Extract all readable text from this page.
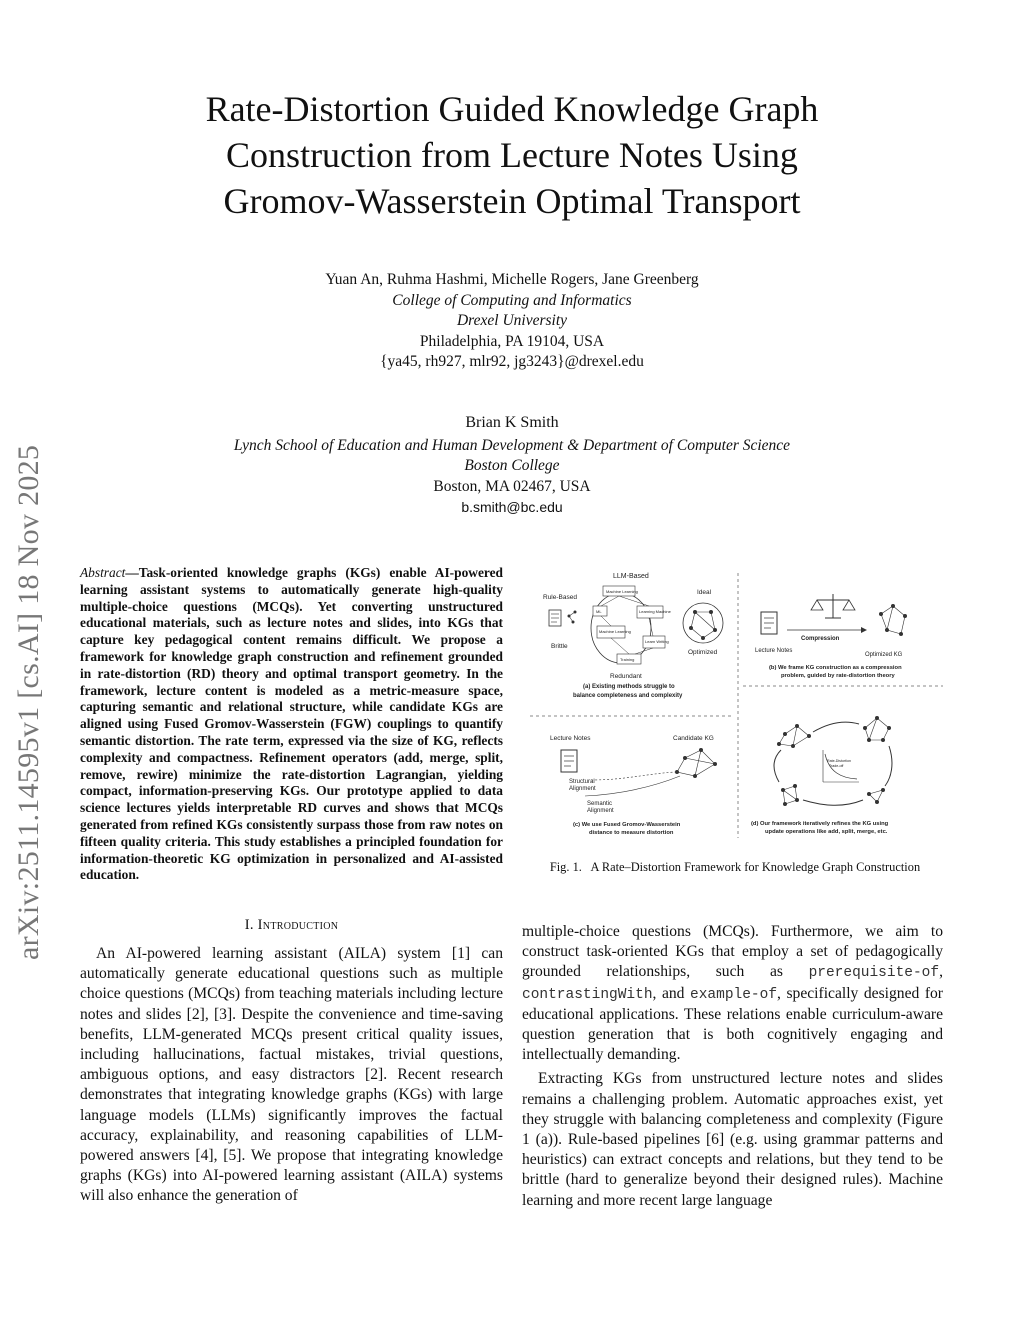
arXiv:2511.14595v1 [cs.AI] 18 Nov 2025
Rate-Distortion Guided Knowledge Graph
Construction from Lecture Notes Using
Gromov-Wasserstein Optimal Transport
Yuan An, Ruhma Hashmi, Michelle Rogers, Jane Greenberg
College of Computing and Informatics
Drexel University
Philadelphia, PA 19104, USA
{ya45, rh927, mlr92, jg3243}@drexel.edu
Brian K Smith
Lynch School of Education and Human Development & Department of Computer Science
Boston College
Boston, MA 02467, USA
b.smith@bc.edu
Abstract—Task-oriented knowledge graphs (KGs) enable AI-powered learning assistant systems to automatically generate high-quality multiple-choice questions (MCQs). Yet converting unstructured educational materials, such as lecture notes and slides, into KGs that capture key pedagogical content remains difficult. We propose a framework for knowledge graph construction and refinement grounded in rate-distortion (RD) theory and optimal transport geometry. In the framework, lecture content is modeled as a metric-measure space, capturing semantic and relational structure, while candidate KGs are aligned using Fused Gromov-Wasserstein (FGW) couplings to quantify semantic distortion. The rate term, expressed via the size of KG, reflects complexity and compactness. Refinement operators (add, merge, split, remove, rewire) minimize the rate-distortion Lagrangian, yielding compact, information-preserving KGs. Our prototype applied to data science lectures yields interpretable RD curves and shows that MCQs generated from refined KGs consistently surpass those from raw notes on fifteen quality criteria. This study establishes a principled foundation for information-theoretic KG optimization in personalized and AI-assisted education.
I. Introduction

An AI-powered learning assistant (AILA) system [1] can automatically generate educational questions such as multiple choice questions (MCQs) from teaching materials including lecture notes and slides [2], [3]. Despite the convenience and time-saving benefits, LLM-generated MCQs present critical quality issues, including hallucinations, factual mistakes, trivial questions, ambiguous options, and easy distractors [2]. Recent research demonstrates that integrating knowledge graphs (KGs) with large language models (LLMs) significantly improves the factual accuracy, explainability, and reasoning capabilities of LLM-powered answers [4], [5]. We propose that integrating knowledge graphs (KGs) into AI-powered learning assistant (AILA) systems will also enhance the generation of

multiple-choice questions (MCQs). Furthermore, we aim to construct task-oriented KGs that employ a set of pedagogically grounded relationships, such as prerequisite-of, contrastingWith, and example-of, specifically designed for educational applications. These relations enable curriculum-aware question generation that is both cognitively engaging and intellectually demanding.

Extracting KGs from unstructured lecture notes and slides remains a challenging problem. Automatic approaches exist, yet they struggle with balancing completeness and complexity (Figure 1 (a)). Rule-based pipelines [6] (e.g. using grammar patterns and heuristics) can extract concepts and relations, but they tend to be brittle (hard to generalize beyond their designed rules). Machine learning and more recent large language

LLM-Based
Rule-Based
Ideal
Brittle
Redundant
Optimized
Machine Learning
ML	Learning Machine
Machine Learning
Learn Writing
Training
(a) Existing methods struggle to
balance completeness and complexity
Lecture Notes
Compression
Optimized KG
(b) We frame KG construction as a compression
problem, guided by rate-distortion theory
Lecture Notes	Candidate KG
Structural
Alignment
Semantic
Alignment
(c) We use Fused Gromov-Wasserstein
distance to measure distortion
Rate-Distortion
Trade-off
(d) Our framework iteratively refines the KG using
update operations like add, split, merge, etc.
Fig. 1.   A Rate–Distortion Framework for Knowledge Graph Construction
